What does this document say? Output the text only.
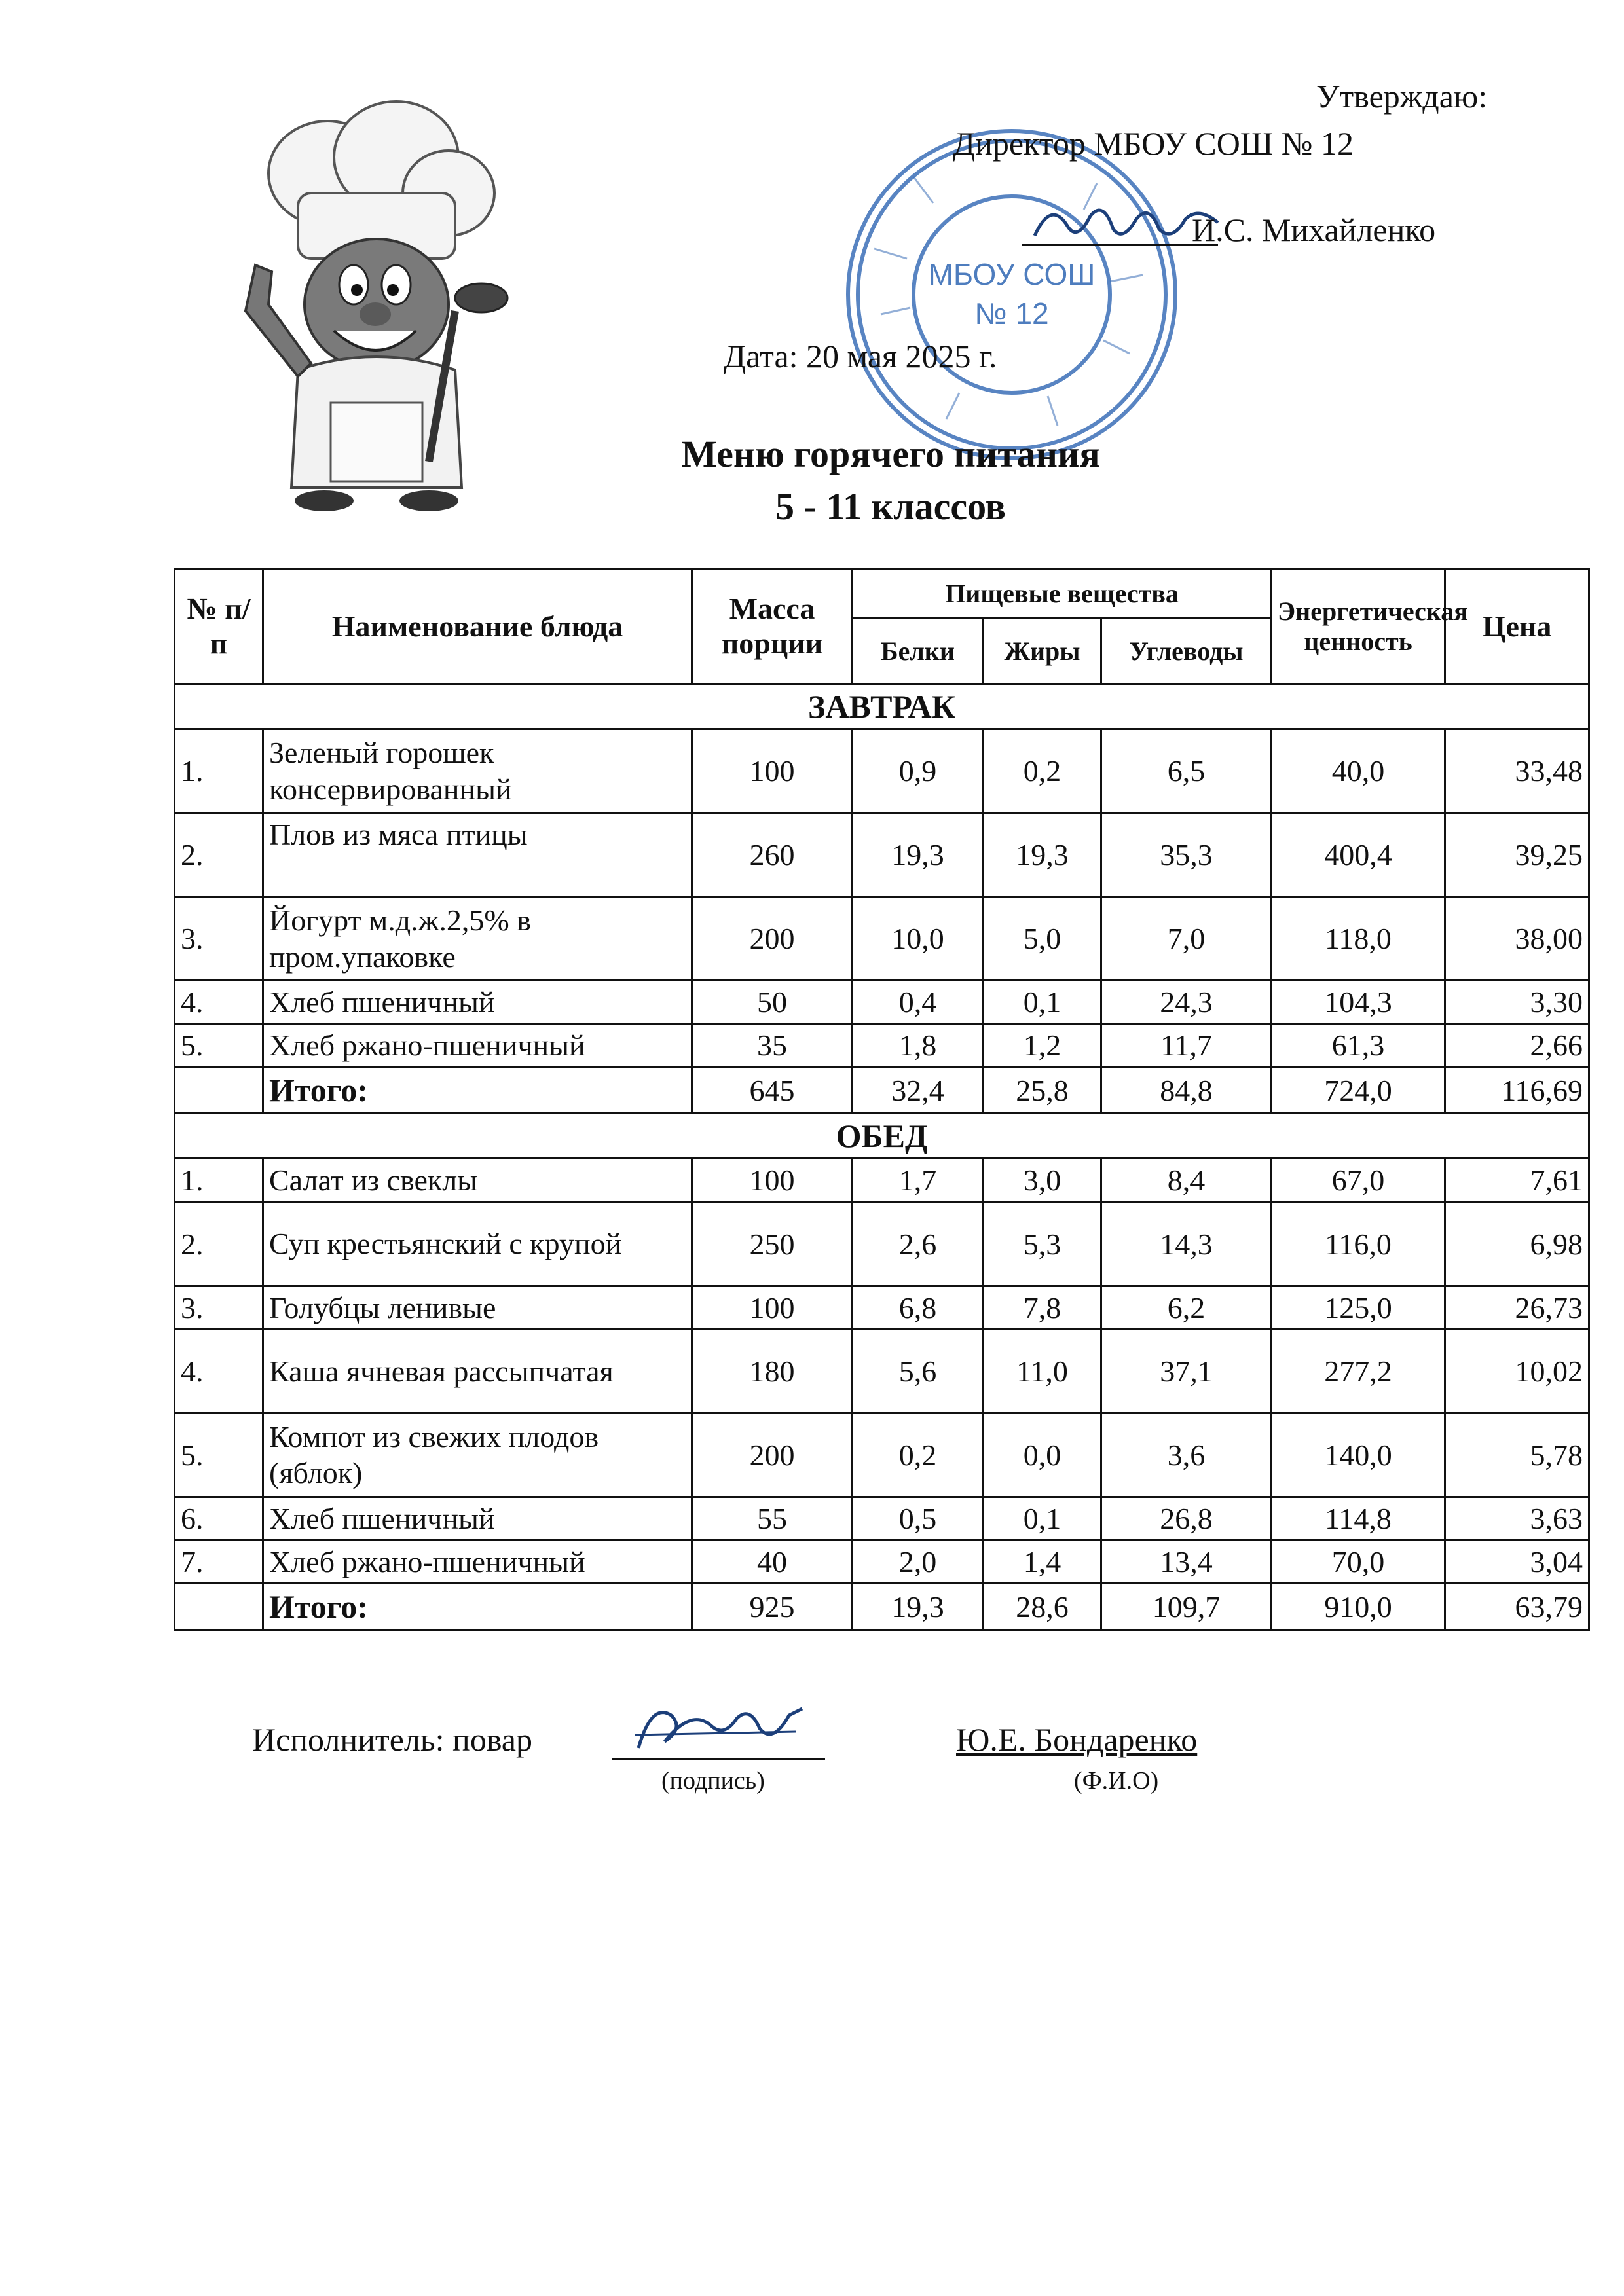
МБОУ СОШ
№ 12
Утверждаю:
Директор МБОУ СОШ № 12
И.С. Михайленко
Дата: 20 мая 2025 г.
Меню горячего питания
5 - 11 классов
№ п/п	Наименование блюда	Масса порции	Пищевые вещества			Энергетическая ценность	Цена
			Белки	Жиры	Углеводы		
ЗАВТРАК							
1.	Зеленый горошек консервированный	100	0,9	0,2	6,5	40,0	33,48
2.	Плов из мяса птицы	260	19,3	19,3	35,3	400,4	39,25
3.	Йогурт м.д.ж.2,5% в пром.упаковке	200	10,0	5,0	7,0	118,0	38,00
4.	Хлеб пшеничный	50	0,4	0,1	24,3	104,3	3,30
5.	Хлеб ржано-пшеничный	35	1,8	1,2	11,7	61,3	2,66
	Итого:	645	32,4	25,8	84,8	724,0	116,69
ОБЕД							
1.	Салат из свеклы	100	1,7	3,0	8,4	67,0	7,61
2.	Суп крестьянский с крупой	250	2,6	5,3	14,3	116,0	6,98
3.	Голубцы ленивые	100	6,8	7,8	6,2	125,0	26,73
4.	Каша ячневая рассыпчатая	180	5,6	11,0	37,1	277,2	10,02
5.	Компот из свежих плодов (яблок)	200	0,2	0,0	3,6	140,0	5,78
6.	Хлеб пшеничный	55	0,5	0,1	26,8	114,8	3,63
7.	Хлеб ржано-пшеничный	40	2,0	1,4	13,4	70,0	3,04
	Итого:	925	19,3	28,6	109,7	910,0	63,79
Исполнитель: повар
(подпись)
Ю.Е. Бондаренко
(Ф.И.О)
